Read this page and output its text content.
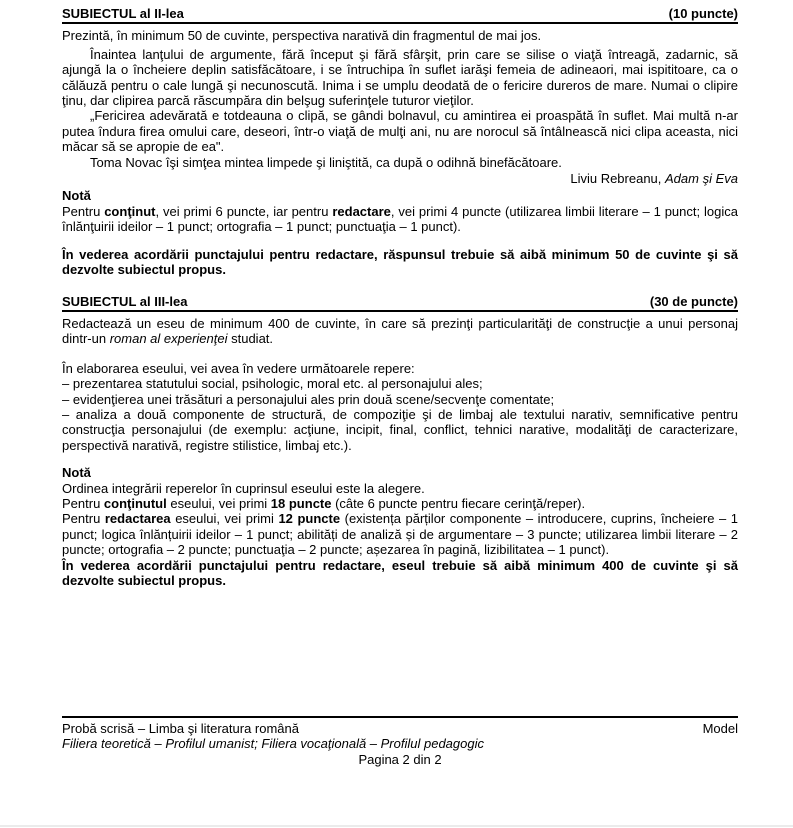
SUBIECTUL al II-lea	(10 puncte)

Prezintă, în minimum 50 de cuvinte, perspectiva narativă din fragmentul de mai jos.

Înaintea lanţului de argumente, fără început şi fără sfârşit, prin care se silise o viaţă întreagă, zadarnic, să ajungă la o încheiere deplin satisfăcătoare, i se întruchipa în suflet iarăşi femeia de adineaori, mai ispititoare, ca o călăuză pentru o cale lungă şi necunoscută. Inima i se umplu deodată de o fericire dureros de mare. Numai o clipire ţinu, dar clipirea parcă răscumpăra din belşug suferinţele tuturor vieţilor.

„Fericirea adevărată e totdeauna o clipă, se gândi bolnavul, cu amintirea ei proaspătă în suflet. Mai multă n-ar putea îndura firea omului care, deseori, într-o viaţă de mulţi ani, nu are norocul să întâlnească nici clipa aceasta, nici măcar să se apropie de ea".

Toma Novac îşi simţea mintea limpede şi liniştită, ca după o odihnă binefăcătoare.

Liviu Rebreanu, Adam şi Eva

Notă

Pentru conţinut, vei primi 6 puncte, iar pentru redactare, vei primi 4 puncte (utilizarea limbii literare – 1 punct; logica înlănţuirii ideilor – 1 punct; ortografia – 1 punct; punctuaţia – 1 punct).

În vederea acordării punctajului pentru redactare, răspunsul trebuie să aibă minimum 50 de cuvinte şi să dezvolte subiectul propus.

SUBIECTUL al III-lea	(30 de puncte)

Redactează un eseu de minimum 400 de cuvinte, în care să prezinţi particularităţi de construcţie a unui personaj dintr-un roman al experienţei studiat.

În elaborarea eseului, vei avea în vedere următoarele repere:

– prezentarea statutului social, psihologic, moral etc. al personajului ales;

– evidenţierea unei trăsături a personajului ales prin două scene/secvenţe comentate;

– analiza a două componente de structură, de compoziţie şi de limbaj ale textului narativ, semnificative pentru construcţia personajului (de exemplu: acţiune, incipit, final, conflict, tehnici narative, modalităţi de caracterizare, perspectivă narativă, registre stilistice, limbaj etc.).

Notă

Ordinea integrării reperelor în cuprinsul eseului este la alegere.

Pentru conţinutul eseului, vei primi 18 puncte (câte 6 puncte pentru fiecare cerinţă/reper).

Pentru redactarea eseului, vei primi 12 puncte (existența părților componente – introducere, cuprins, încheiere – 1 punct; logica înlănțuirii ideilor – 1 punct; abilități de analiză și de argumentare – 3 puncte; utilizarea limbii literare – 2 puncte; ortografia – 2 puncte; punctuaţia – 2 puncte; așezarea în pagină, lizibilitatea – 1 punct).

În vederea acordării punctajului pentru redactare, eseul trebuie să aibă minimum 400 de cuvinte şi să dezvolte subiectul propus.

Probă scrisă – Limba şi literatura română	Model
Filiera teoretică – Profilul umanist; Filiera vocaţională – Profilul pedagogic
Pagina 2 din 2
